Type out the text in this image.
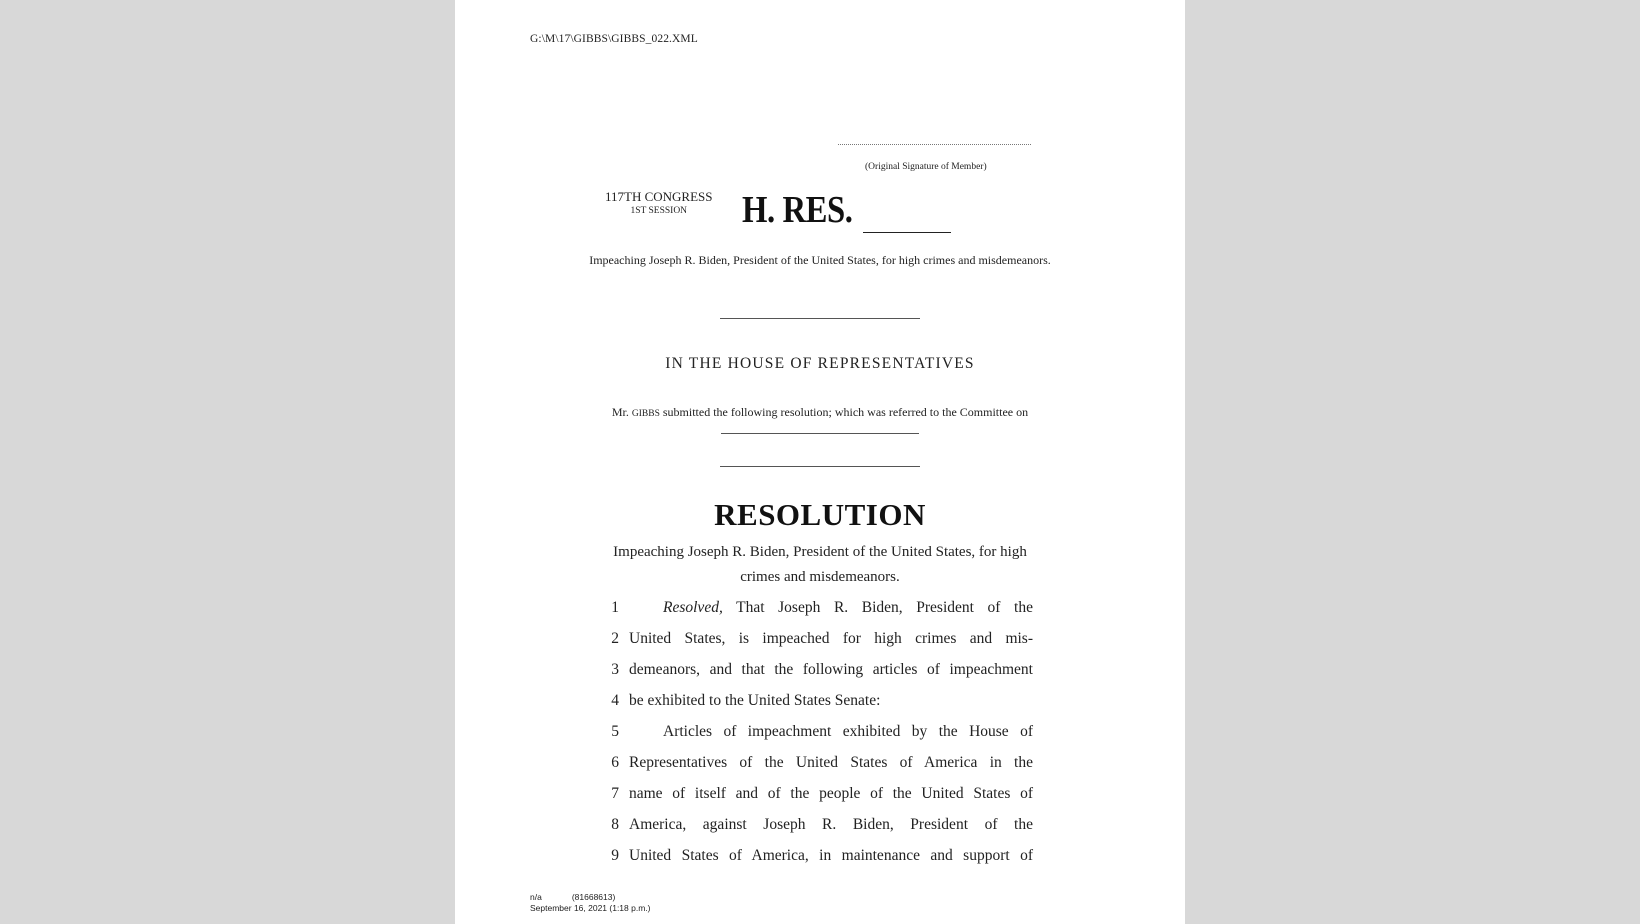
G:\M\17\GIBBS\GIBBS_022.XML
(Original Signature of Member)
117TH CONGRESS
1ST SESSION	H. RES.
Impeaching Joseph R. Biden, President of the United States, for high crimes and misdemeanors.
IN THE HOUSE OF REPRESENTATIVES
Mr. GIBBS submitted the following resolution; which was referred to the Committee on
RESOLUTION
Impeaching Joseph R. Biden, President of the United States, for high crimes and misdemeanors.
1	Resolved, That Joseph R. Biden, President of the
2 United States, is impeached for high crimes and mis-
3 demeanors, and that the following articles of impeachment
4 be exhibited to the United States Senate:
5	Articles of impeachment exhibited by the House of
6 Representatives of the United States of America in the
7 name of itself and of the people of the United States of
8 America, against Joseph R. Biden, President of the
9 United States of America, in maintenance and support of
n/a	(81668613)
September 16, 2021 (1:18 p.m.)
